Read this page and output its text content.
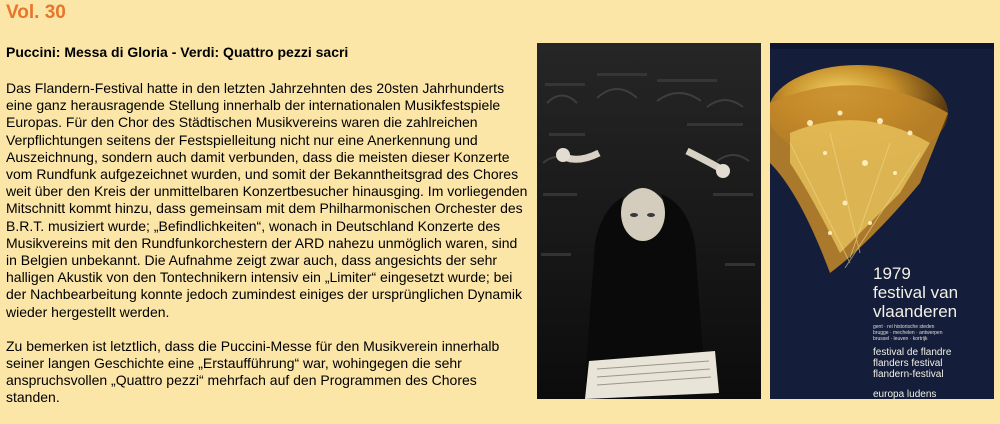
Vol. 30
Puccini: Messa di Gloria - Verdi: Quattro pezzi sacri

Das Flandern-Festival hatte in den letzten Jahrzehnten des 20sten Jahrhunderts eine ganz herausragende Stellung innerhalb der internationalen Musikfestspiele Europas. Für den Chor des Städtischen Musikvereins waren die zahlreichen Verpflichtungen seitens der Festspielleitung nicht nur eine Anerkennung und Auszeichnung, sondern auch damit verbunden, dass die meisten dieser Konzerte vom Rundfunk aufgezeichnet wurden, und somit der Bekanntheitsgrad des Chores weit über den Kreis der unmittelbaren Konzertbesucher hinausging. Im vorliegenden Mitschnitt kommt hinzu, dass gemeinsam mit dem Philharmonischen Orchester des B.R.T. musiziert wurde; „Befindlichkeiten“, wonach in Deutschland Konzerte des Musikvereins mit den Rundfunkorchestern der ARD nahezu unmöglich waren, sind in Belgien unbekannt. Die Aufnahme zeigt zwar auch, dass angesichts der sehr halligen Akustik von den Tontechnikern intensiv ein „Limiter“ eingesetzt wurde; bei der Nachbearbeitung konnte jedoch zumindest einiges der ursprünglichen Dynamik wieder hergestellt werden.

Zu bemerken ist letztlich, dass die Puccini-Messe für den Musikverein innerhalb seiner langen Geschichte eine „Erstaufführung“ war, wohingegen die sehr anspruchsvollen „Quattro pezzi“ mehrfach auf den Programmen des Chores standen.

1979
festival van
vlaanderen
gent · rei historische steden
brugge · mechelen · antwerpen
brussel · leuven · kortrijk
festival de flandre
flanders festival
flandern-festival
europa ludens
